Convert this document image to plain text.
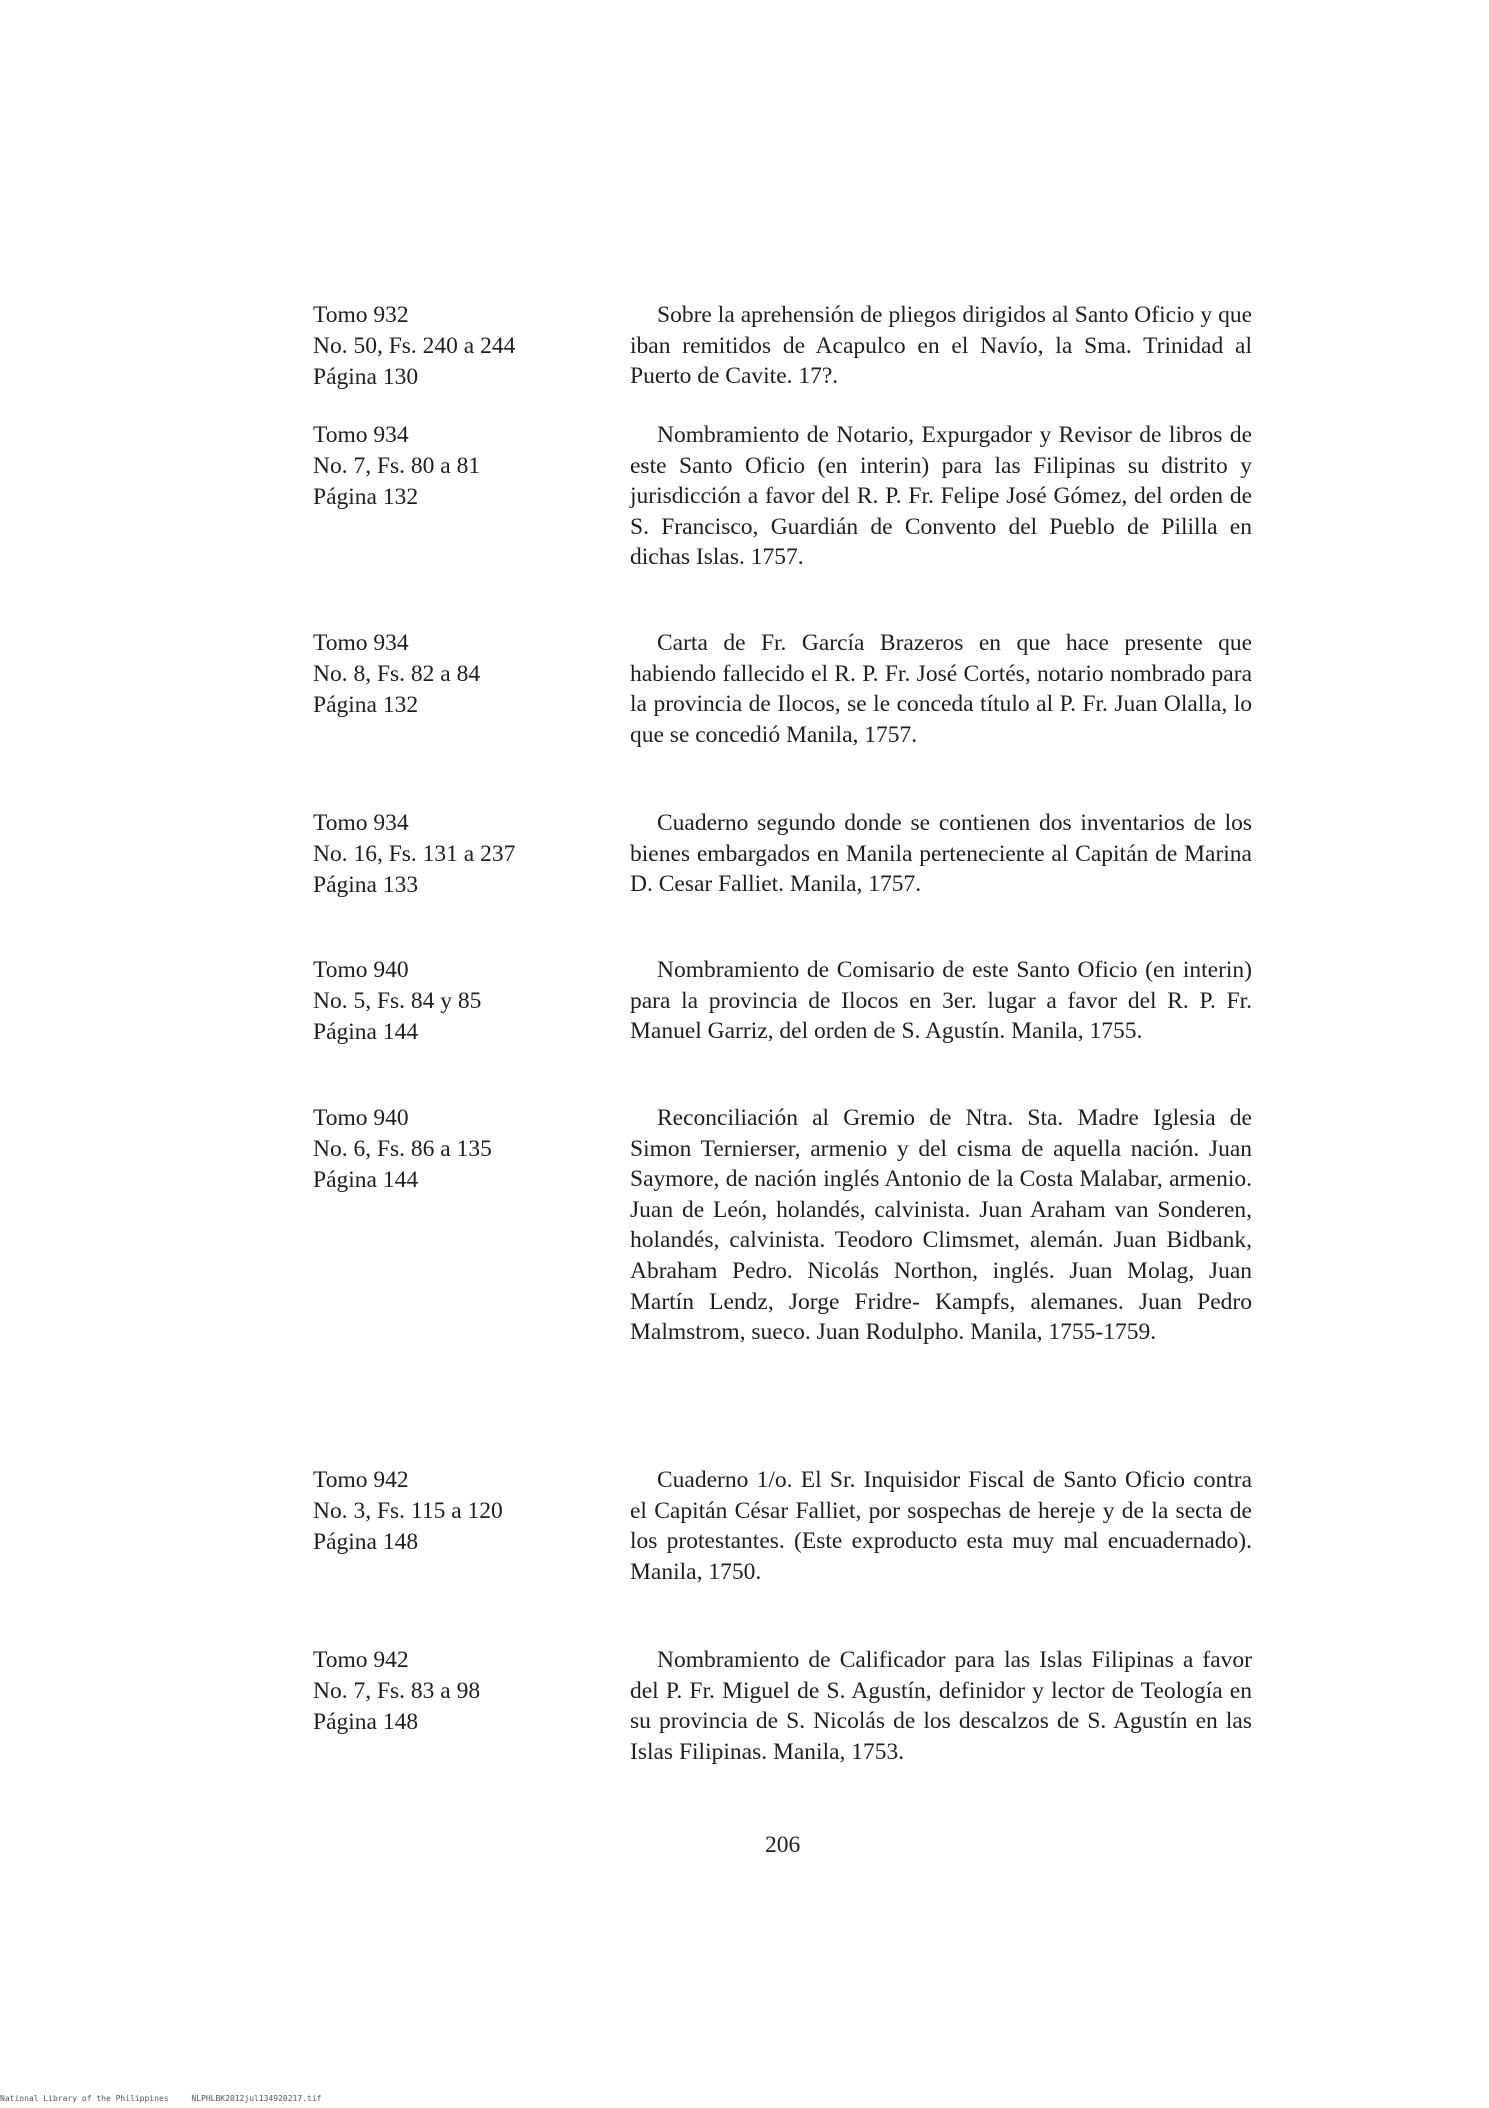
Tomo 932
No. 50, Fs. 240 a 244
Página 130
Sobre la aprehensión de pliegos dirigidos al Santo Oficio y que iban remitidos de Acapulco en el Navío, la Sma. Trinidad al Puerto de Cavite. 17?.
Tomo 934
No. 7, Fs. 80 a 81
Página 132
Nombramiento de Notario, Expurgador y Revisor de libros de este Santo Oficio (en interin) para las Filipinas su distrito y jurisdicción a favor del R. P. Fr. Felipe José Gómez, del orden de S. Francisco, Guardián de Convento del Pueblo de Pililla en dichas Islas. 1757.
Tomo 934
No. 8, Fs. 82 a 84
Página 132
Carta de Fr. García Brazeros en que hace presente que habiendo fallecido el R. P. Fr. José Cortés, notario nombrado para la provincia de Ilocos, se le conceda título al P. Fr. Juan Olalla, lo que se concedió Manila, 1757.
Tomo 934
No. 16, Fs. 131 a 237
Página 133
Cuaderno segundo donde se contienen dos inventarios de los bienes embargados en Manila perteneciente al Capitán de Marina D. Cesar Falliet. Manila, 1757.
Tomo 940
No. 5, Fs. 84 y 85
Página 144
Nombramiento de Comisario de este Santo Oficio (en interin) para la provincia de Ilocos en 3er. lugar a favor del R. P. Fr. Manuel Garriz, del orden de S. Agustín. Manila, 1755.
Tomo 940
No. 6, Fs. 86 a 135
Página 144
Reconciliación al Gremio de Ntra. Sta. Madre Iglesia de Simon Ternierser, armenio y del cisma de aquella nación. Juan Saymore, de nación inglés Antonio de la Costa Malabar, armenio. Juan de León, holandés, calvinista. Juan Araham van Sonderen, holandés, calvinista. Teodoro Climsmet, alemán. Juan Bidbank, Abraham Pedro. Nicolás Northon, inglés. Juan Molag, Juan Martín Lendz, Jorge Fridre- Kampfs, alemanes. Juan Pedro Malmstrom, sueco. Juan Rodulpho. Manila, 1755-1759.
Tomo 942
No. 3, Fs. 115 a 120
Página 148
Cuaderno 1/o. El Sr. Inquisidor Fiscal de Santo Oficio contra el Capitán César Falliet, por sospechas de hereje y de la secta de los protestantes. (Este exproducto esta muy mal encuadernado). Manila, 1750.
Tomo 942
No. 7, Fs. 83 a 98
Página 148
Nombramiento de Calificador para las Islas Filipinas a favor del P. Fr. Miguel de S. Agustín, definidor y lector de Teología en su provincia de S. Nicolás de los descalzos de S. Agustín en las Islas Filipinas. Manila, 1753.
206
National Library of the Philippines	NLPHLBK2012jul134920217.tif
